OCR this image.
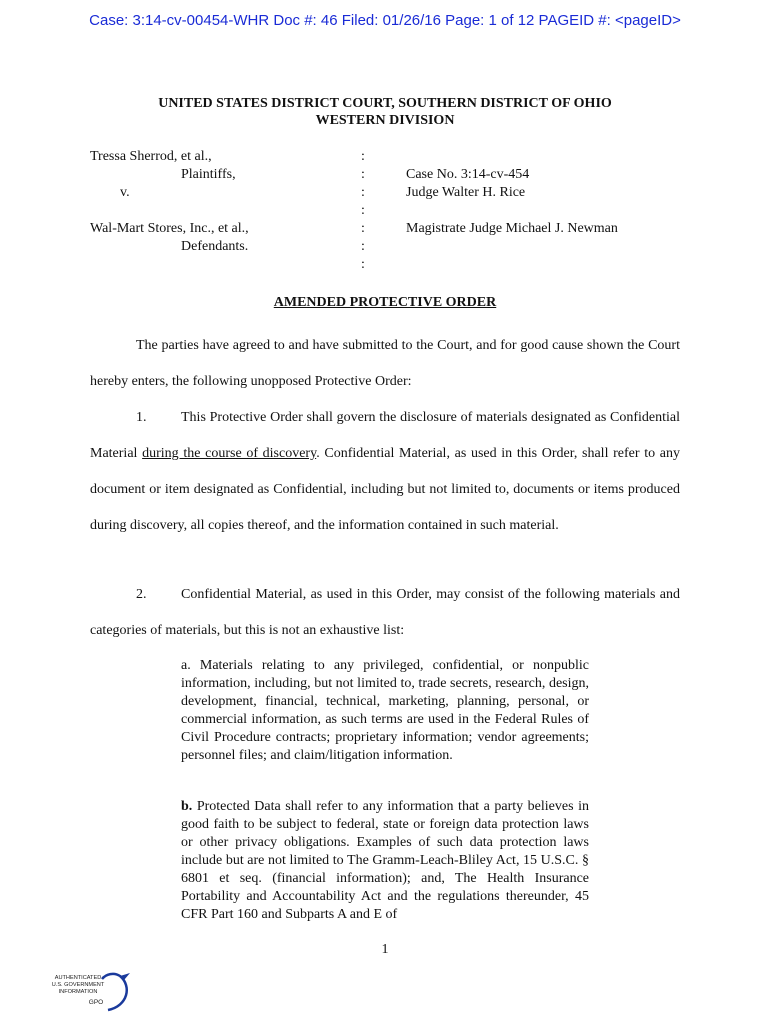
Case: 3:14-cv-00454-WHR Doc #: 46 Filed: 01/26/16 Page: 1 of 12 PAGEID #: <pageID>
UNITED STATES DISTRICT COURT, SOUTHERN DISTRICT OF OHIO
WESTERN DIVISION
Tressa Sherrod, et al.,
Plaintiffs,
v.
Wal-Mart Stores, Inc., et al.,
Defendants.
:
:
:
:
:
:
:
Case No. 3:14-cv-454
Judge Walter H. Rice
Magistrate Judge Michael J. Newman
AMENDED PROTECTIVE ORDER
The parties have agreed to and have submitted to the Court, and for good cause shown the Court hereby enters, the following unopposed Protective Order:
1. This Protective Order shall govern the disclosure of materials designated as Confidential Material during the course of discovery. Confidential Material, as used in this Order, shall refer to any document or item designated as Confidential, including but not limited to, documents or items produced during discovery, all copies thereof, and the information contained in such material.
2. Confidential Material, as used in this Order, may consist of the following materials and categories of materials, but this is not an exhaustive list:
a. Materials relating to any privileged, confidential, or nonpublic information, including, but not limited to, trade secrets, research, design, development, financial, technical, marketing, planning, personal, or commercial information, as such terms are used in the Federal Rules of Civil Procedure contracts; proprietary information; vendor agreements; personnel files; and claim/litigation information.
b. Protected Data shall refer to any information that a party believes in good faith to be subject to federal, state or foreign data protection laws or other privacy obligations. Examples of such data protection laws include but are not limited to The Gramm-Leach-Bliley Act, 15 U.S.C. § 6801 et seq. (financial information); and, The Health Insurance Portability and Accountability Act and the regulations thereunder, 45 CFR Part 160 and Subparts A and E of
1
AUTHENTICATED
U.S. GOVERNMENT
INFORMATION
GPO
